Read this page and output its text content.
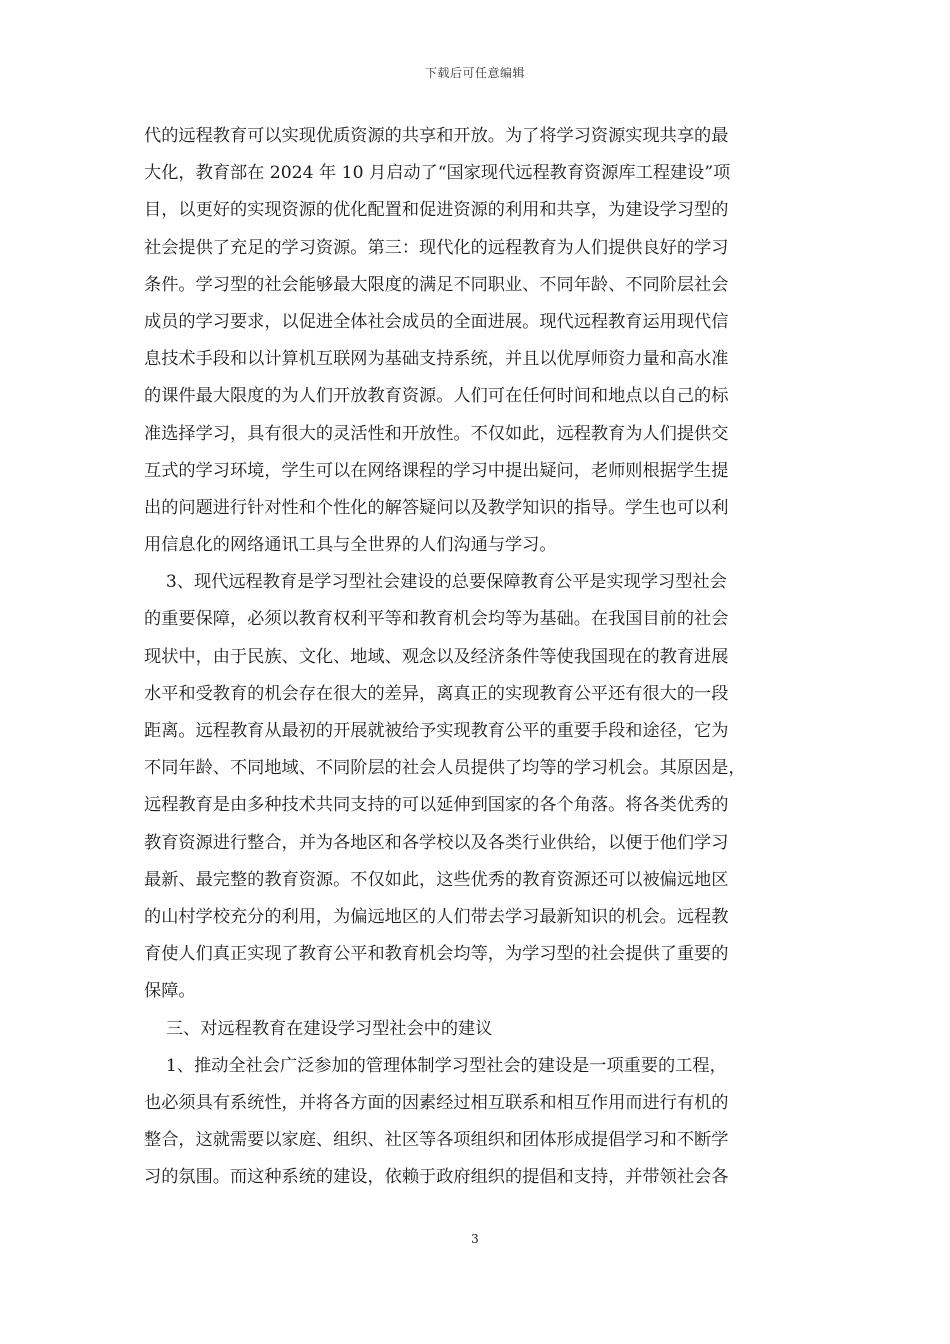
下载后可任意编辑
代的远程教育可以实现优质资源的共享和开放。为了将学习资源实现共享的最
大化，教育部在 2024 年 10 月启动了“国家现代远程教育资源库工程建设”项
目，以更好的实现资源的优化配置和促进资源的利用和共享，为建设学习型的
社会提供了充足的学习资源。第三：现代化的远程教育为人们提供良好的学习
条件。学习型的社会能够最大限度的满足不同职业、不同年龄、不同阶层社会
成员的学习要求，以促进全体社会成员的全面进展。现代远程教育运用现代信
息技术手段和以计算机互联网为基础支持系统，并且以优厚师资力量和高水准
的课件最大限度的为人们开放教育资源。人们可在任何时间和地点以自己的标
准选择学习，具有很大的灵活性和开放性。不仅如此，远程教育为人们提供交
互式的学习环境，学生可以在网络课程的学习中提出疑问，老师则根据学生提
出的问题进行针对性和个性化的解答疑问以及教学知识的指导。学生也可以利
用信息化的网络通讯工具与全世界的人们沟通与学习。
3、现代远程教育是学习型社会建设的总要保障教育公平是实现学习型社会
的重要保障，必须以教育权利平等和教育机会均等为基础。在我国目前的社会
现状中，由于民族、文化、地域、观念以及经济条件等使我国现在的教育进展
水平和受教育的机会存在很大的差异，离真正的实现教育公平还有很大的一段
距离。远程教育从最初的开展就被给予实现教育公平的重要手段和途径，它为
不同年龄、不同地域、不同阶层的社会人员提供了均等的学习机会。其原因是，
远程教育是由多种技术共同支持的可以延伸到国家的各个角落。将各类优秀的
教育资源进行整合，并为各地区和各学校以及各类行业供给，以便于他们学习
最新、最完整的教育资源。不仅如此，这些优秀的教育资源还可以被偏远地区
的山村学校充分的利用，为偏远地区的人们带去学习最新知识的机会。远程教
育使人们真正实现了教育公平和教育机会均等，为学习型的社会提供了重要的
保障。
三、对远程教育在建设学习型社会中的建议
1、推动全社会广泛参加的管理体制学习型社会的建设是一项重要的工程，
也必须具有系统性，并将各方面的因素经过相互联系和相互作用而进行有机的
整合，这就需要以家庭、组织、社区等各项组织和团体形成提倡学习和不断学
习的氛围。而这种系统的建设，依赖于政府组织的提倡和支持，并带领社会各
3
